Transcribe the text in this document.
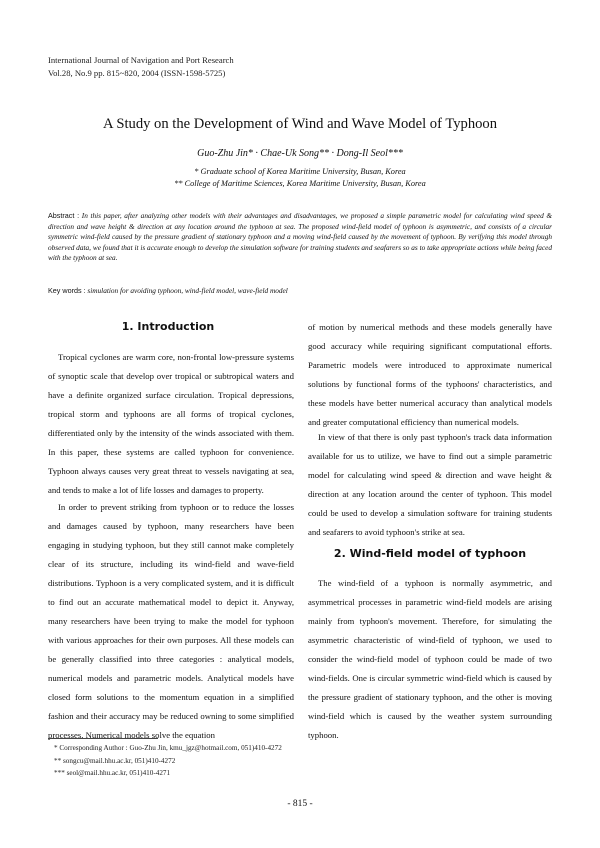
International Journal of Navigation and Port Research
Vol.28, No.9 pp. 815~820, 2004 (ISSN-1598-5725)
A Study on the Development of Wind and Wave Model of Typhoon
Guo-Zhu Jin* · Chae-Uk Song** · Dong-Il Seol***
* Graduate school of Korea Maritime University, Busan, Korea
** College of Maritime Sciences, Korea Maritime University, Busan, Korea
Abstract : In this paper, after analyzing other models with their advantages and disadvantages, we proposed a simple parametric model for calculating wind speed & direction and wave height & direction at any location around the typhoon at sea. The proposed wind-field model of typhoon is asymmetric, and consists of a circular symmetric wind-field caused by the pressure gradient of stationary typhoon and a moving wind-field caused by the movement of typhoon. By verifying this model through observed data, we found that it is accurate enough to develop the simulation software for training students and seafarers so as to take appropriate actions while being faced with the typhoon at sea.
Key words : simulation for avoiding typhoon, wind-field model, wave-field model
1. Introduction

Tropical cyclones are warm core, non-frontal low-pressure systems of synoptic scale that develop over tropical or subtropical waters and have a definite organized surface circulation. Tropical depressions, tropical storm and typhoons are all forms of tropical cyclones, differentiated only by the intensity of the winds associated with them. In this paper, these systems are called typhoon for convenience. Typhoon always causes very great threat to vessels navigating at sea, and tends to make a lot of life losses and damages to property.

In order to prevent striking from typhoon or to reduce the losses and damages caused by typhoon, many researchers have been engaging in studying typhoon, but they still cannot make completely clear of its structure, including its wind-field and wave-field distributions. Typhoon is a very complicated system, and it is difficult to find out an accurate mathematical model to depict it. Anyway, many researchers have been trying to make the model for typhoon with various approaches for their own purposes. All these models can be generally classified into three categories : analytical models, numerical models and parametric models. Analytical models have closed form solutions to the momentum equation in a simplified fashion and their accuracy may be reduced owning to some simplified processes. Numerical models solve the equation

of motion by numerical methods and these models generally have good accuracy while requiring significant computational efforts. Parametric models were introduced to approximate numerical solutions by functional forms of the typhoons' characteristics, and these models have better numerical accuracy than analytical models and greater computational efficiency than numerical models.

In view of that there is only past typhoon's track data information available for us to utilize, we have to find out a simple parametric model for calculating wind speed & direction and wave height & direction at any location around the center of typhoon. This model could be used to develop a simulation software for training students and seafarers to avoid typhoon's strike at sea.

2. Wind-field model of typhoon

The wind-field of a typhoon is normally asymmetric, and asymmetrical processes in parametric wind-field models are arising mainly from typhoon's movement. Therefore, for simulating the asymmetric characteristic of wind-field of typhoon, we used to consider the wind-field model of typhoon could be made of two wind-fields. One is circular symmetric wind-field which is caused by the pressure gradient of stationary typhoon, and the other is moving wind-field which is caused by the weather system surrounding typhoon.

* Corresponding Author : Guo-Zhu Jin, kmu_jgz@hotmail.com, 051)410-4272
** songcu@mail.hhu.ac.kr, 051)410-4272
*** seol@mail.hhu.ac.kr, 051)410-4271
- 815 -
